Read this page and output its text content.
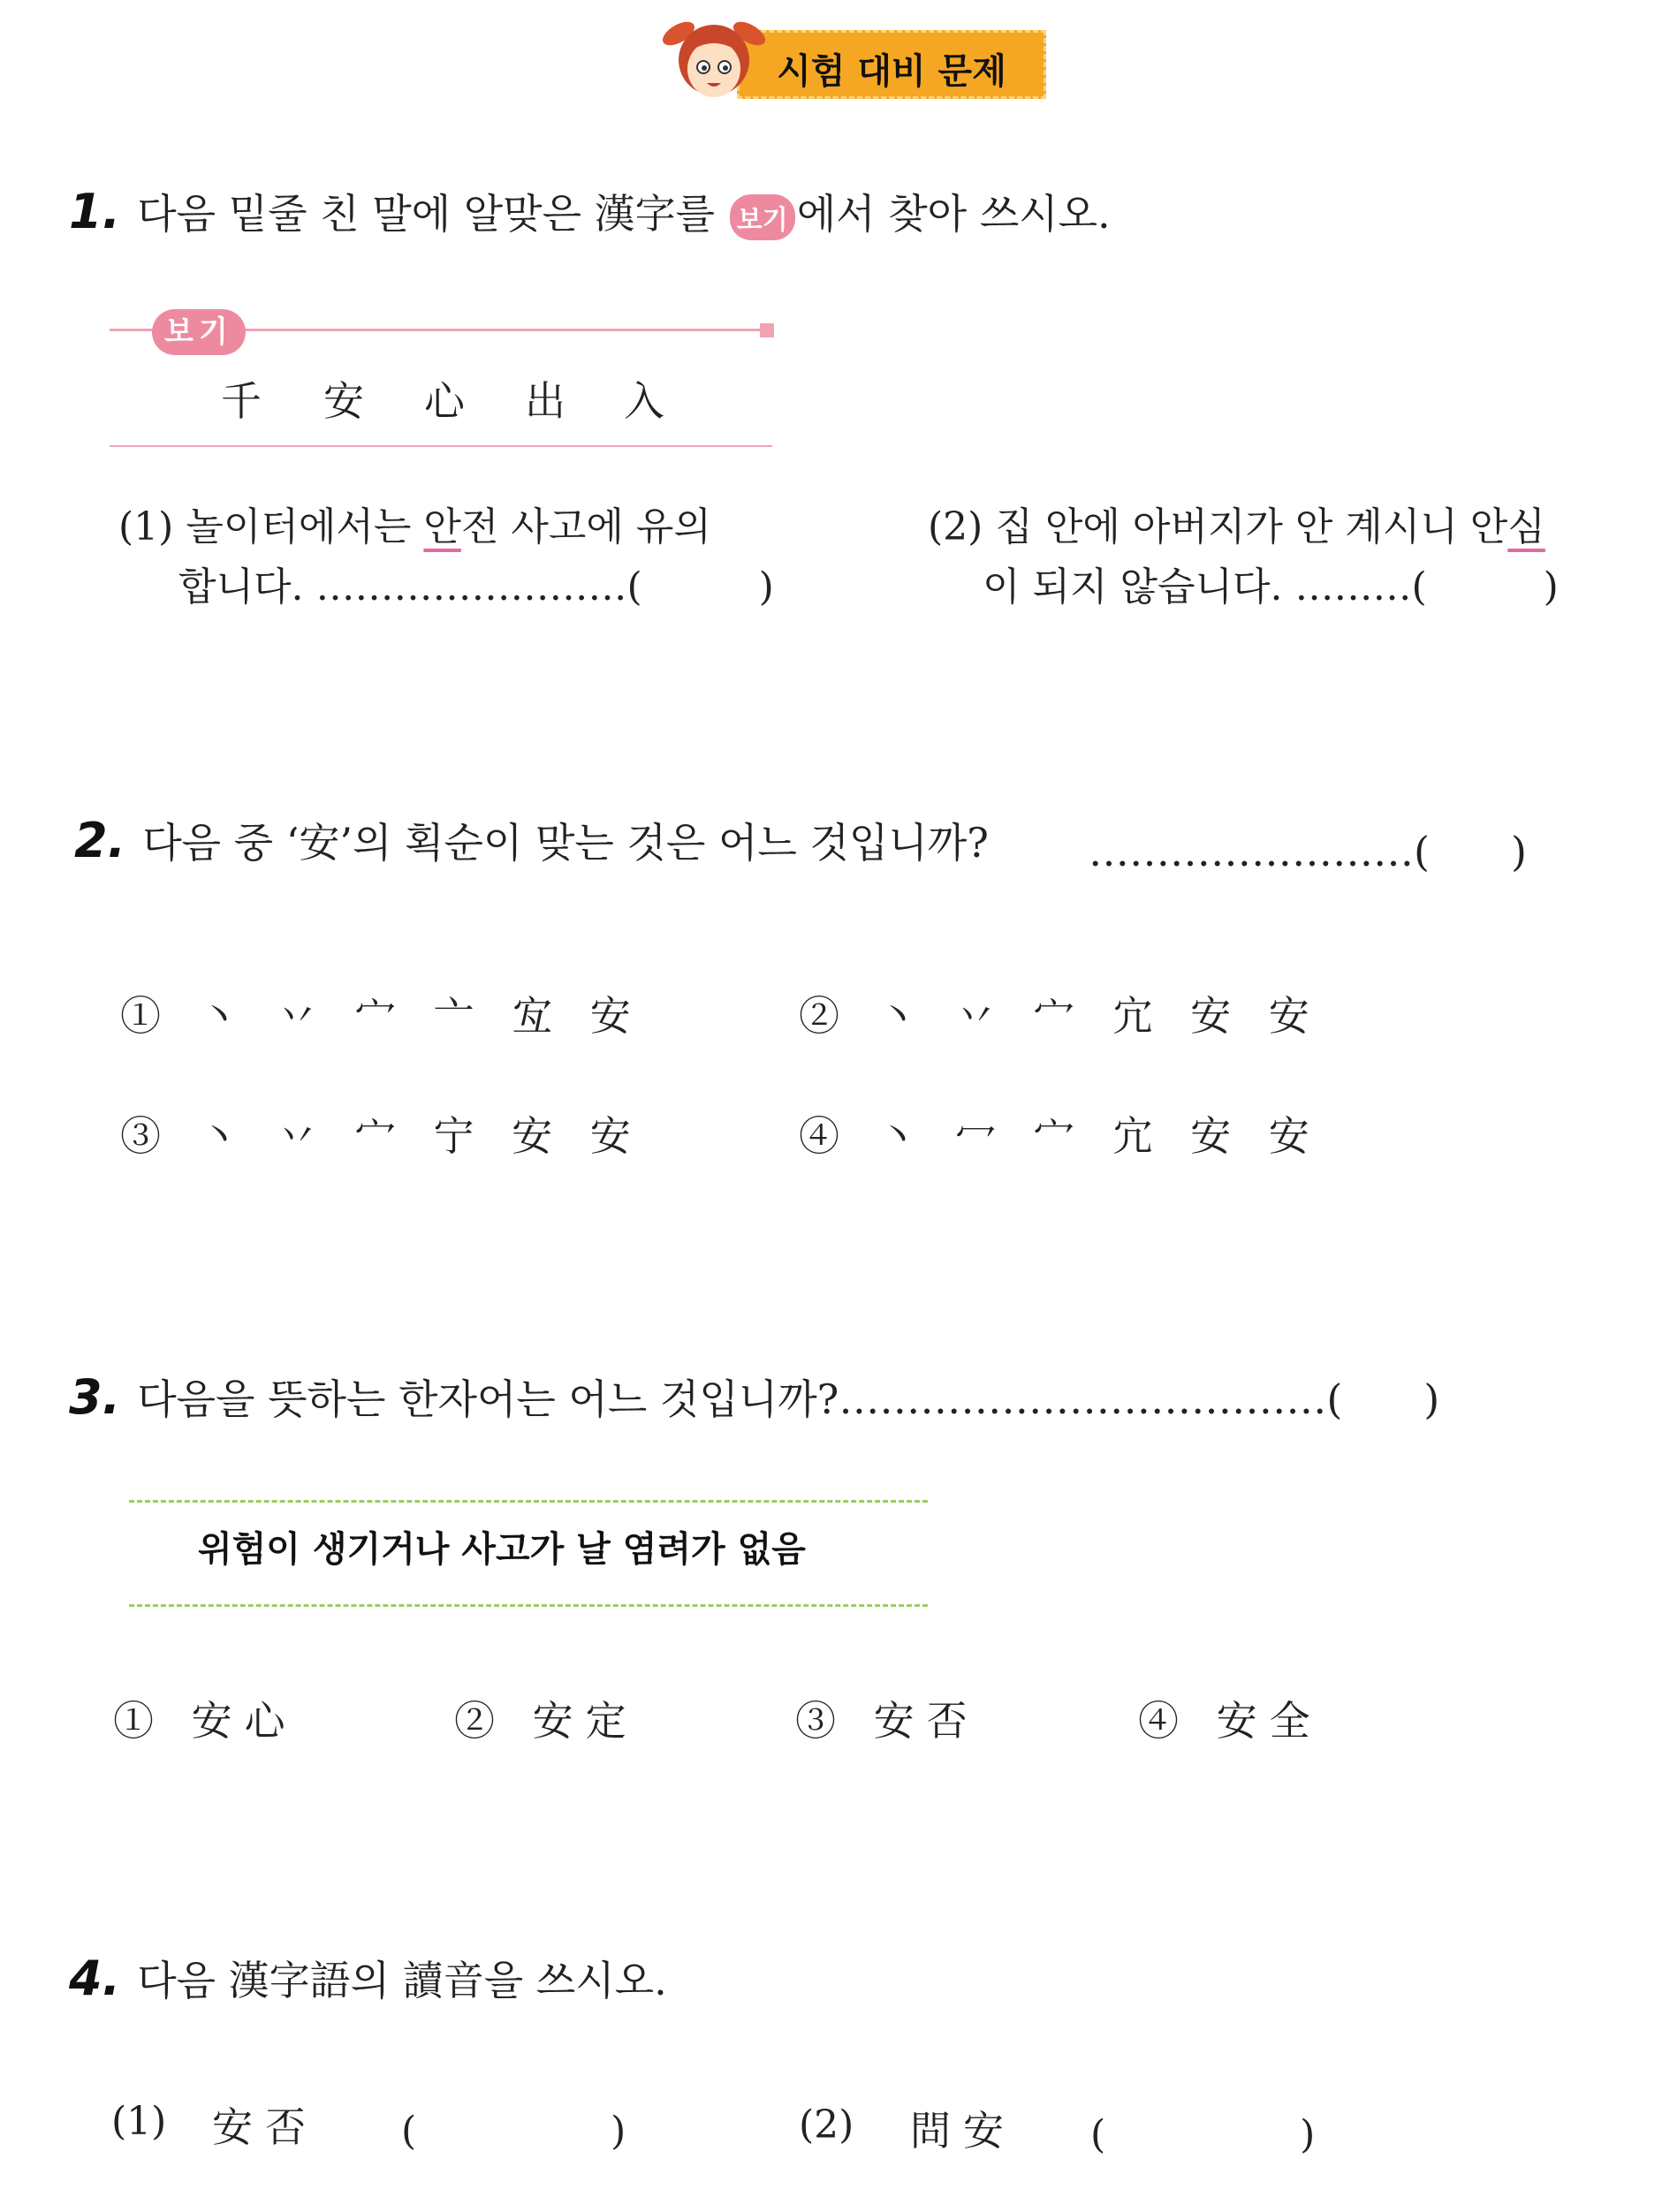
시험 대비 문제
1. 다음 밑줄 친 말에 알맞은 漢字를 보기 에서 찾아 쓰시오.
보기
千 安 心 出 入
(1) 놀이터에서는 안전 사고에 유의
합니다. ……………………(　　　)
(2) 집 안에 아버지가 안 계시니 안심
이 되지 않습니다. ………(　　　)
2. 다음 중 ‘安’의 획순이 맞는 것은 어느 것입니까? ……………………(　　)
① 丶 丷 宀 亠 宐 安	② 丶 丷 宀 宂 安 安
③ 丶 丷 宀 宁 安 安	④ 丶 冖 宀 宂 安 安
3. 다음을 뜻하는 한자어는 어느 것입니까?………………………………(　　)
위험이 생기거나 사고가 날 염려가 없음
① 安心	② 安定	③ 安否	④ 安全
4. 다음 漢字語의 讀音을 쓰시오.
(1) 安否 (　　　　　)	(2) 問安 (　　　　　)
